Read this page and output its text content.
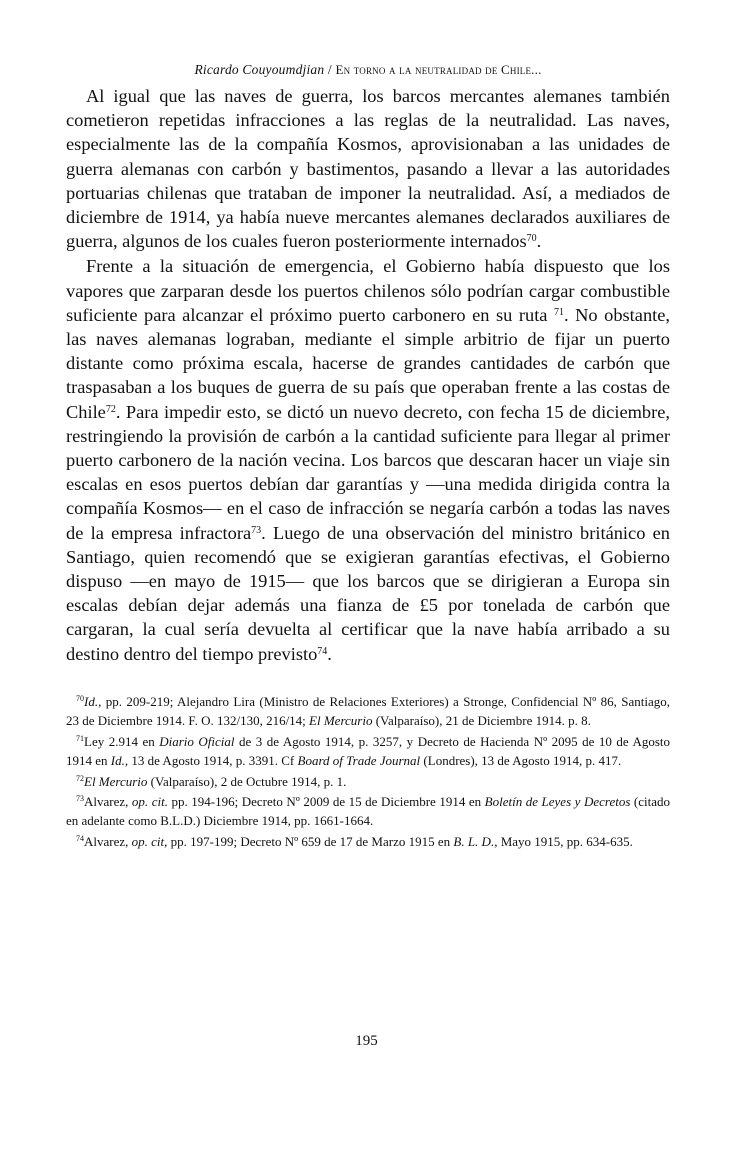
Ricardo Couyoumdjian / En torno a la neutralidad de Chile...

Al igual que las naves de guerra, los barcos mercantes alemanes también cometieron repetidas infracciones a las reglas de la neutralidad. Las naves, especialmente las de la compañía Kosmos, aprovisionaban a las unidades de guerra alemanas con carbón y bastimentos, pasando a llevar a las autoridades portuarias chilenas que trataban de imponer la neutralidad. Así, a mediados de diciembre de 1914, ya había nueve mercantes alemanes declarados auxiliares de guerra, algunos de los cuales fueron posteriormente internados$^{70}$.

Frente a la situación de emergencia, el Gobierno había dispuesto que los vapores que zarparan desde los puertos chilenos sólo podrían cargar combustible suficiente para alcanzar el próximo puerto carbonero en su ruta $^{71}$. No obstante, las naves alemanas lograban, mediante el simple arbitrio de fijar un puerto distante como próxima escala, hacerse de grandes cantidades de carbón que traspasaban a los buques de guerra de su país que operaban frente a las costas de Chile$^{72}$. Para impedir esto, se dictó un nuevo decreto, con fecha 15 de diciembre, restringiendo la provisión de carbón a la cantidad suficiente para llegar al primer puerto carbonero de la nación vecina. Los barcos que descaran hacer un viaje sin escalas en esos puertos debían dar garantías y —una medida dirigida contra la compañía Kosmos— en el caso de infracción se negaría carbón a todas las naves de la empresa infractora$^{73}$. Luego de una observación del ministro británico en Santiago, quien recomendó que se exigieran garantías efectivas, el Gobierno dispuso —en mayo de 1915— que los barcos que se dirigieran a Europa sin escalas debían dejar además una fianza de £5 por tonelada de carbón que cargaran, la cual sería devuelta al certificar que la nave había arribado a su destino dentro del tiempo previsto$^{74}$.

$^{70}$Id., pp. 209-219; Alejandro Lira (Ministro de Relaciones Exteriores) a Stronge, Confidencial Nº 86, Santiago, 23 de Diciembre 1914. F. O. 132/130, 216/14; El Mercurio (Valparaíso), 21 de Diciembre 1914. p. 8.

$^{71}$Ley 2.914 en Diario Oficial de 3 de Agosto 1914, p. 3257, y Decreto de Hacienda Nº 2095 de 10 de Agosto 1914 en Id., 13 de Agosto 1914, p. 3391. Cf Board of Trade Journal (Londres), 13 de Agosto 1914, p. 417.

$^{72}$El Mercurio (Valparaíso), 2 de Octubre 1914, p. 1.

$^{73}$Alvarez, op. cit. pp. 194-196; Decreto Nº 2009 de 15 de Diciembre 1914 en Boletín de Leyes y Decretos (citado en adelante como B.L.D.) Diciembre 1914, pp. 1661-1664.

$^{74}$Alvarez, op. cit, pp. 197-199; Decreto Nº 659 de 17 de Marzo 1915 en B. L. D., Mayo 1915, pp. 634-635.

195
